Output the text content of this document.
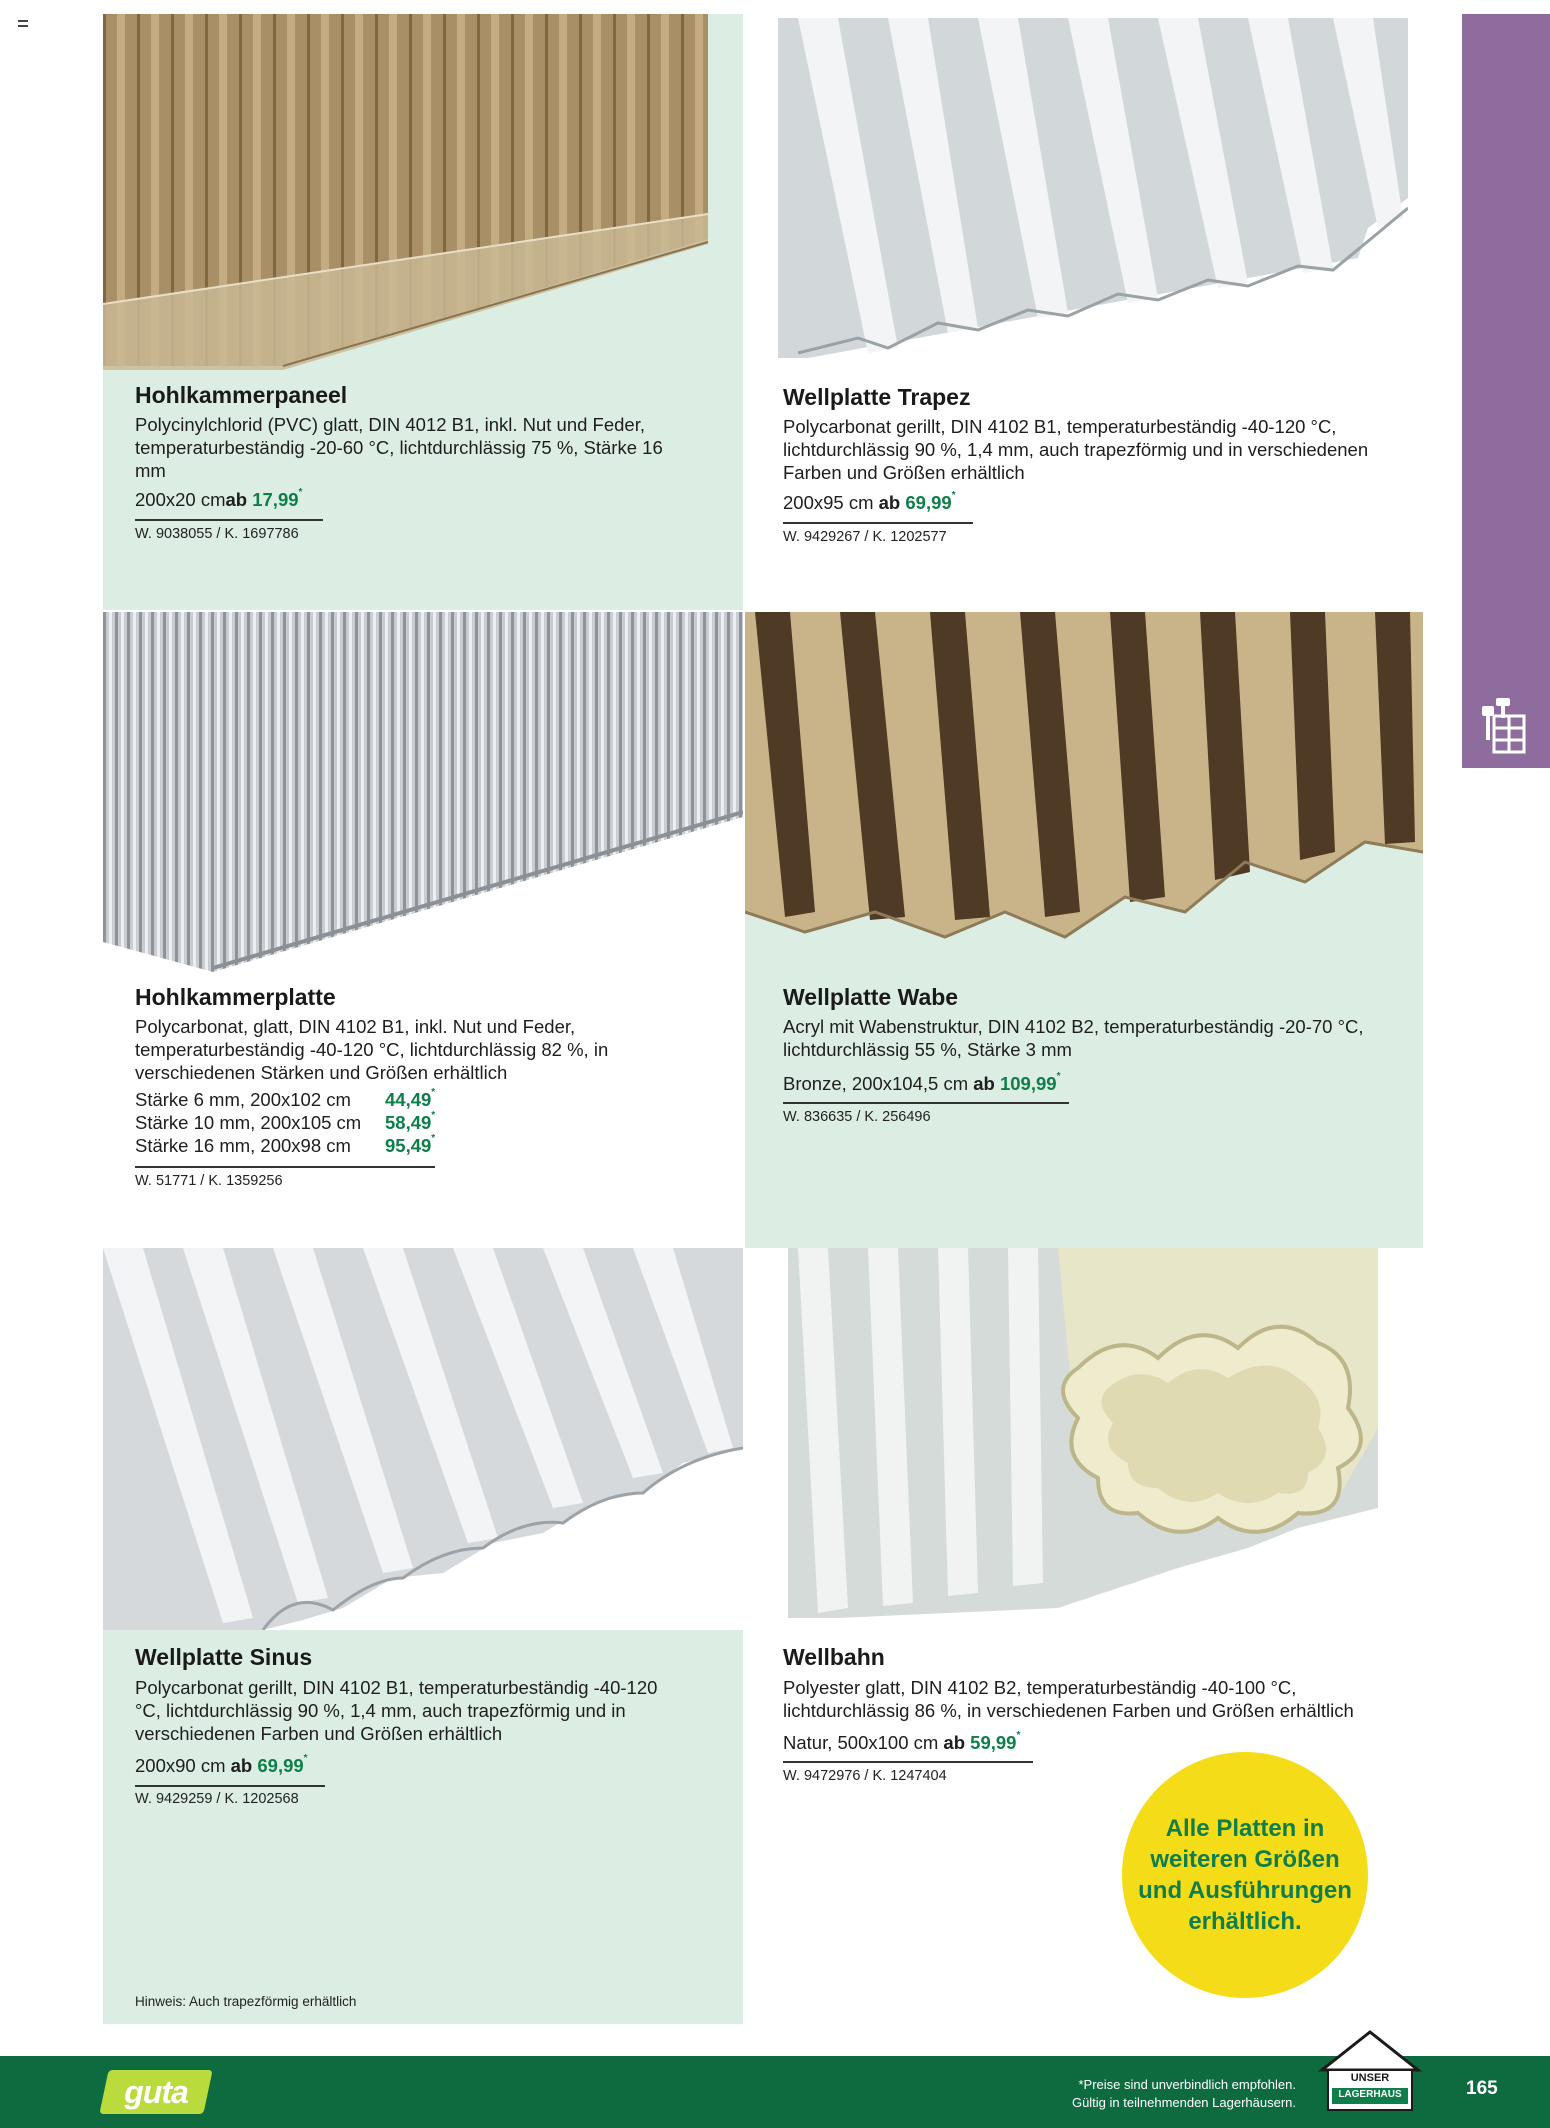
Hohlkammerpaneel
Polycinylchlorid (PVC) glatt, DIN 4012 B1, inkl. Nut und Feder, temperaturbeständig -20-60 °C, lichtdurchlässig 75 %, Stärke 16 mm
200x20 cmab 17,99*
W. 9038055 / K. 1697786
Wellplatte Trapez
Polycarbonat gerillt, DIN 4102 B1, temperaturbeständig -40-120 °C, lichtdurchlässig 90 %, 1,4 mm, auch trapezförmig und in verschiedenen Farben und Größen erhältlich
200x95 cm ab 69,99*
W. 9429267 / K. 1202577
Hohlkammerplatte
Polycarbonat, glatt, DIN 4102 B1, inkl. Nut und Feder, temperaturbeständig -40-120 °C, lichtdurchlässig 82 %, in verschiedenen Stärken und Größen erhältlich
Stärke 6 mm, 200x102 cm 44,49*
Stärke 10 mm, 200x105 cm 58,49*
Stärke 16 mm, 200x98 cm 95,49*
W. 51771 / K. 1359256
Wellplatte Wabe
Acryl mit Wabenstruktur, DIN 4102 B2, temperaturbeständig -20-70 °C, lichtdurchlässig 55 %, Stärke 3 mm
Bronze, 200x104,5 cm ab 109,99*
W. 836635 / K. 256496
Wellplatte Sinus
Polycarbonat gerillt, DIN 4102 B1, temperaturbeständig -40-120 °C, lichtdurchlässig 90 %, 1,4 mm, auch trapezförmig und in verschiedenen Farben und Größen erhältlich
200x90 cm ab 69,99*
W. 9429259 / K. 1202568
Hinweis: Auch trapezförmig erhältlich
Wellbahn
Polyester glatt, DIN 4102 B2, temperaturbeständig -40-100 °C, lichtdurchlässig 86 %, in verschiedenen Farben und Größen erhältlich
Natur, 500x100 cm ab 59,99*
W. 9472976 / K. 1247404
Alle Platten in
weiteren Größen
und Ausführungen
erhältlich.
guta	*Preise sind unverbindlich empfohlen.
Gültig in teilnehmenden Lagerhäusern.
UNSER
LAGERHAUS	165
